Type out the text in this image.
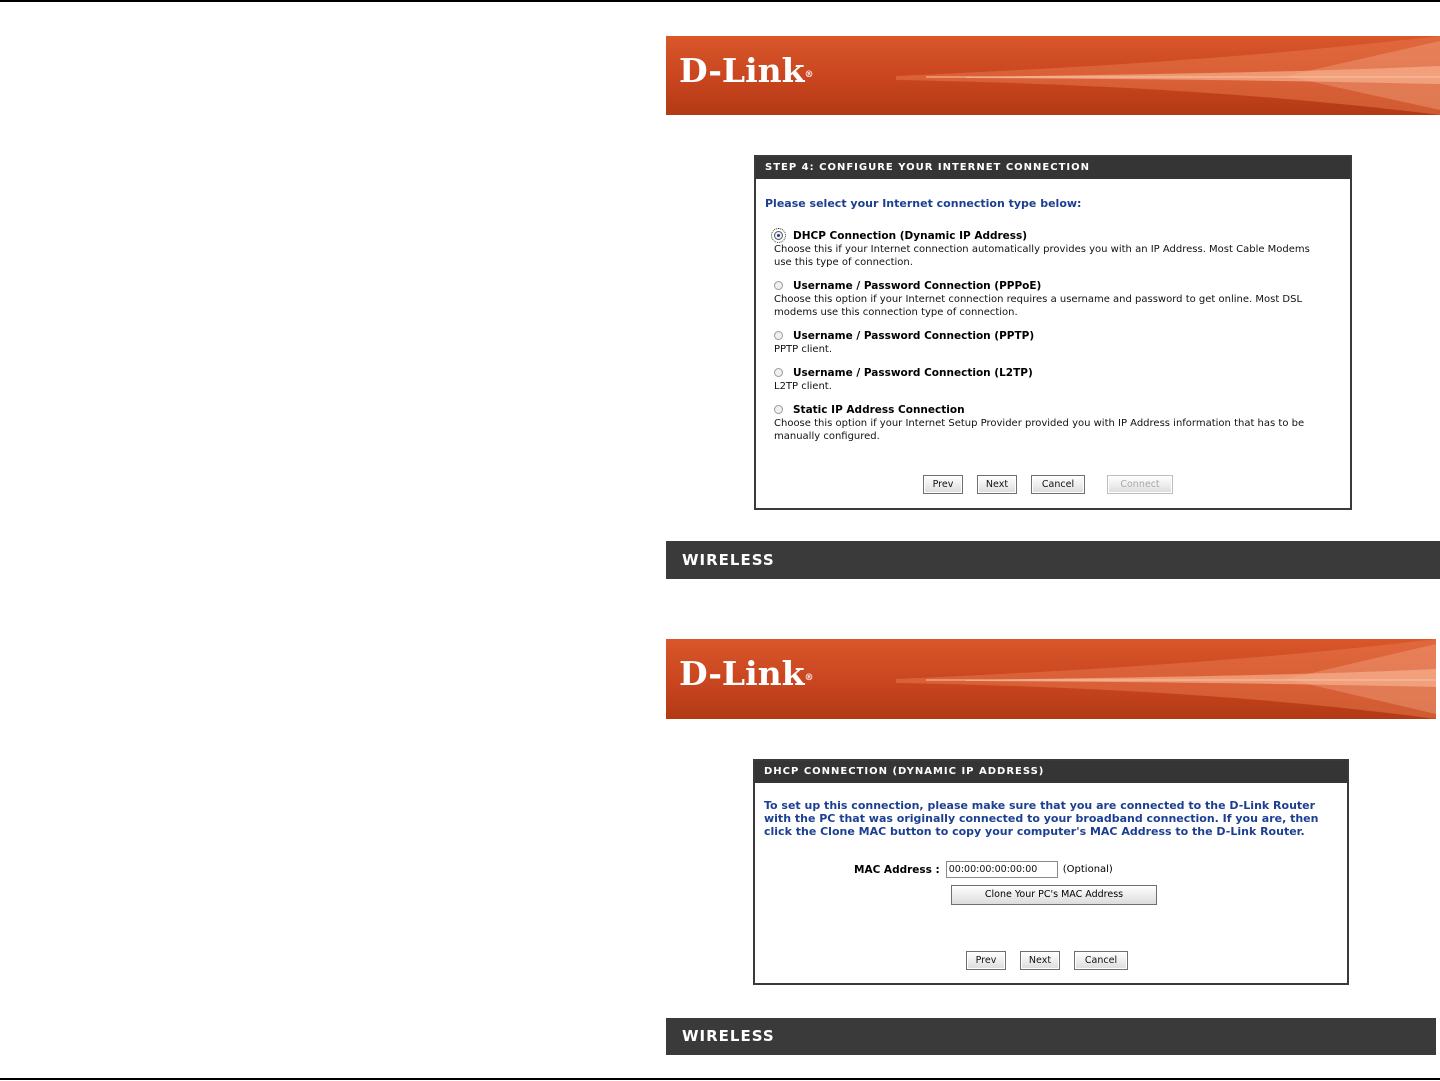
D-Link®
STEP 4: CONFIGURE YOUR INTERNET CONNECTION
Please select your Internet connection type below:
DHCP Connection (Dynamic IP Address)
Choose this if your Internet connection automatically provides you with an IP Address. Most Cable Modems use this type of connection.
Username / Password Connection (PPPoE)
Choose this option if your Internet connection requires a username and password to get online. Most DSL modems use this connection type of connection.
Username / Password Connection (PPTP)
PPTP client.
Username / Password Connection (L2TP)
L2TP client.
Static IP Address Connection
Choose this option if your Internet Setup Provider provided you with IP Address information that has to be manually configured.
Prev	Next	Cancel	Connect
WIRELESS
D-Link®
DHCP CONNECTION (DYNAMIC IP ADDRESS)
To set up this connection, please make sure that you are connected to the D-Link Router with the PC that was originally connected to your broadband connection. If you are, then click the Clone MAC button to copy your computer's MAC Address to the D-Link Router.
MAC Address : 00:00:00:00:00:00	(Optional)
Clone Your PC's MAC Address
Prev	Next	Cancel
WIRELESS
